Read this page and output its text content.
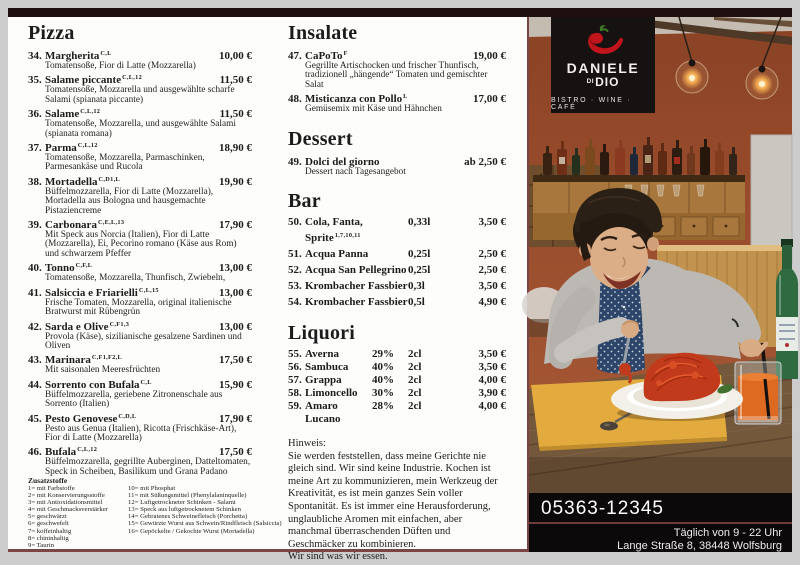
Pizza
34. Margherita$^{C,L}$	10,00 €
Tomatensoße, Fior di Latte (Mozzarella)
35. Salame piccante$^{C,L,12}$	11,50 €
Tomatensoße, Mozzarella und ausgewählte scharfe Salami (spianata piccante)
36. Salame$^{C,L,12}$	11,50 €
Tomatensoße, Mozzarella, und ausgewählte Salami (spianata romana)
37. Parma$^{C,L,12}$	18,90 €
Tomatensoße, Mozzarella, Parmaschinken, Parmesankäse und Rucola
38. Mortadella$^{C,D1,L}$	19,90 €
Büffelmozzarella, Fior di Latte (Mozzarella), Mortadella aus Bologna und hausgemachte Pistaziencreme
39. Carbonara$^{C,E,L,13}$	17,90 €
Mit Speck aus Norcia (Italien), Fior di Latte (Mozzarella), Ei, Pecorino romano (Käse aus Rom) und schwarzem Pfeffer
40. Tonno$^{C,F,L}$	13,00 €
Tomatensoße, Mozzarella, Thunfisch, Zwiebeln,
41. Salsiccia e Friarielli$^{C,L,15}$	13,00 €
Frische Tomaten, Mozzarella, original italienische Bratwurst mit Rübengrün
42. Sarda e Olive$^{C,F1,3}$	13,00 €
Provola (Käse), sizilianische gesalzene Sardinen und Oliven
43. Marinara$^{C,F1,F2,L}$	17,50 €
Mit saisonalen Meeresfrüchten
44. Sorrento con Bufala$^{C,L}$	15,90 €
Büffelmozzarella, geriebene Zitronenschale aus Sorrento (Italien)
45. Pesto Genovese$^{C,D,L}$	17,90 €
Pesto aus Genua (Italien), Ricotta (Frischkäse-Art), Fior di Latte (Mozzarella)
46. Bufala$^{C,L,12}$	17,50 €
Büffelmozzarella, gegrillte Auberginen, Datteltomaten, Speck in Scheiben, Basilikum und Grana Padano
Insalate
47. CaPoTo$^F$	19,00 €
Gegrillte Artischocken und frischer Thunfisch, tradizionell „hängende“ Tomaten und gemischter Salat
48. Misticanza con Pollo$^L$	17,00 €
Gemüsemix mit Käse und Hähnchen
Dessert
49. Dolci del giorno	ab 2,50 €
Dessert nach Tagesangebot
Bar
50. Cola, Fanta, Sprite$^{1,7,10,11}$
0,33l	3,50 €
51. Acqua Panna	0,25l	2,50 €
52. Acqua San Pellegrino 0,25l	2,50 €
53. Krombacher Fassbier 0,3l	3,50 €
54. Krombacher Fassbier 0,5l	4,90 €
Liquori
55. Averna	29%	2cl	3,50 €
56. Sambuca	40%	2cl	3,50 €
57. Grappa	40%	2cl	4,00 €
58. Limoncello	30%	2cl	3,90 €
59. Amaro Lucano
28%	2cl	4,00 €
Hinweis:
Sie werden feststellen, dass meine Gerichte nie gleich sind. Wir sind keine Industrie. Kochen ist meine Art zu kommunizieren, mein Werkzeug der Kreativität, es ist mein ganzes Sein voller Spontanität. Es ist immer eine Herausforderung, unglaubliche Aromen mit einfachen, aber manchmal überraschenden Düften und Geschmäcker zu kombinieren.
Wir sind was wir essen.
Zusatzstoffe
1= mit Farbstoffe
2= mit Konservierungsstoffe
3= mit Antioxidationsmittel
4= mit Geschmacksverstärker
5= geschwärzt
6= geschwefelt
7= koffeinhaltig
8= chininhaltig
9= Taurin
10= mit Phosphat
11= mit Süßungsmittel (Phenylalaninquelle)
12= Luftgetrockneter Schinken - Salami
13= Speck aus luftgetrocknetem Schinken
14= Gebratenes Schweinefleisch (Porchetta)
15= Gewürzte Wurst aus Schwein/Rindfleisch (Salsiccia)
16= Gepöckelte / Gekochte Wurst (Mortadella)
DANIELE
$^{DI}$DIO
BISTRO · WINE · CAFÉ
05363-12345
Täglich von 9 - 22 Uhr
Lange Straße 8, 38448 Wolfsburg
